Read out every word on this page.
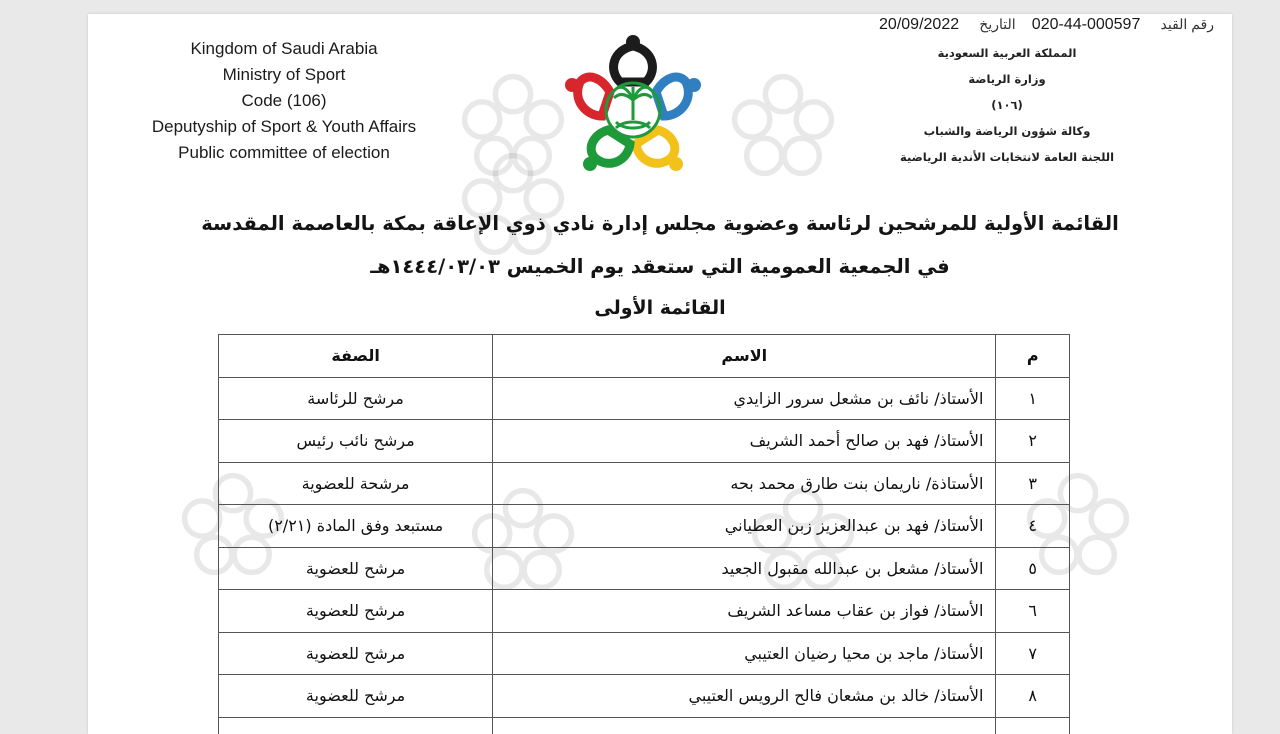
رقم القيد 020-44-000597 التاريخ 20/09/2022
Kingdom of Saudi Arabia
Ministry of Sport
Code (106)
Deputyship of Sport & Youth Affairs
Public committee of election
المملكة العربية السعودية
وزارة الرياضة
(١٠٦)
وكالة شؤون الرياضة والشباب
اللجنة العامة لانتخابات الأندية الرياضية
القائمة الأولية للمرشحين لرئاسة وعضوية مجلس إدارة نادي ذوي الإعاقة بمكة بالعاصمة المقدسة
في الجمعية العمومية التي ستعقد يوم الخميس ١٤٤٤/٠٣/٠٣هـ
القائمة الأولى
م	الاسم	الصفة
١	الأستاذ/ نائف بن مشعل سرور الزايدي	مرشح للرئاسة
٢	الأستاذ/ فهد بن صالح أحمد الشريف	مرشح نائب رئيس
٣	الأستاذة/ ناريمان بنت طارق محمد بحه	مرشحة للعضوية
٤	الأستاذ/ فهد بن عبدالعزيز زبن العطياني	مستبعد وفق المادة (٢/٢١)
٥	الأستاذ/ مشعل بن عبدالله مقبول الجعيد	مرشح للعضوية
٦	الأستاذ/ فواز بن عقاب مساعد الشريف	مرشح للعضوية
٧	الأستاذ/ ماجد بن محيا رضيان العتيبي	مرشح للعضوية
٨	الأستاذ/ خالد بن مشعان فالح الرويس العتيبي	مرشح للعضوية
